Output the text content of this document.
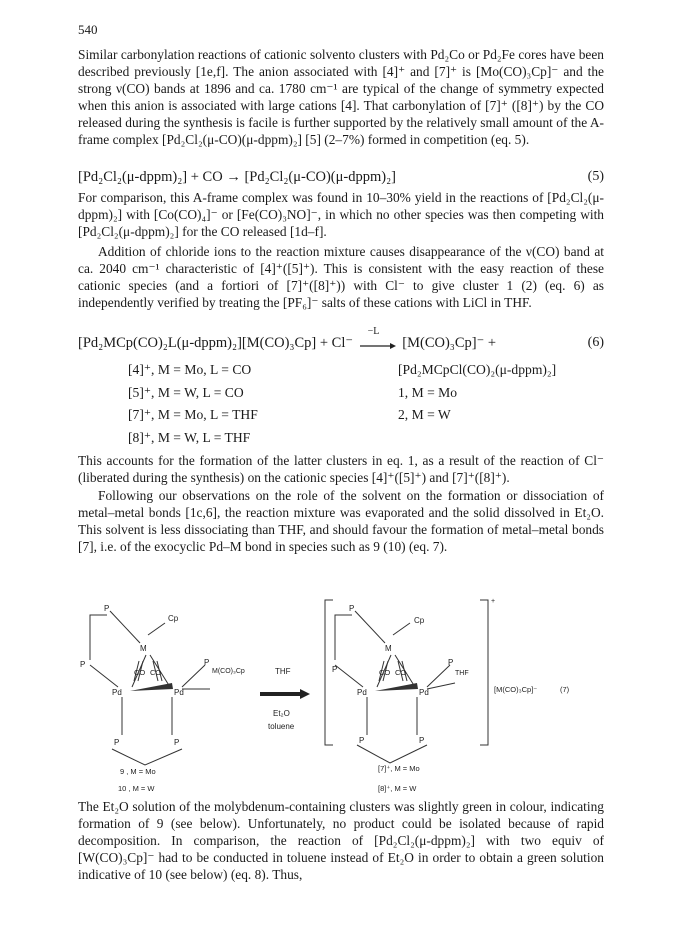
540

Similar carbonylation reactions of cationic solvento clusters with Pd₂Co or Pd₂Fe cores have been described previously [1e,f]. The anion associated with [4]⁺ and [7]⁺ is [Mo(CO)₃Cp]⁻ and the strong ν(CO) bands at 1896 and ca. 1780 cm⁻¹ are typical of the change of symmetry expected when this anion is associated with large cations [4]. That carbonylation of [7]⁺ ([8]⁺) by the CO released during the synthesis is facile is further supported by the relatively small amount of the A-frame complex [Pd₂Cl₂(μ-CO)(μ-dppm)₂] [5] (2–7%) formed in competition (eq. 5).

[Pd₂Cl₂(μ-dppm)₂] + CO → [Pd₂Cl₂(μ-CO)(μ-dppm)₂]	(5)

For comparison, this A-frame complex was found in 10–30% yield in the reactions of [Pd₂Cl₂(μ-dppm)₂] with [Co(CO)₄]⁻ or [Fe(CO)₃NO]⁻, in which no other species was then competing with [Pd₂Cl₂(μ-dppm)₂] for the CO released [1d–f].

Addition of chloride ions to the reaction mixture causes disappearance of the ν(CO) band at ca. 2040 cm⁻¹ characteristic of [4]⁺([5]⁺). This is consistent with the easy reaction of these cationic species (and a fortiori of [7]⁺([8]⁺)) with Cl⁻ to give cluster 1 (2) (eq. 6) as independently verified by treating the [PF₆]⁻ salts of these cations with LiCl in THF.

[Pd₂MCp(CO)₂L(μ-dppm)₂][M(CO)₃Cp] + Cl⁻
−L
[M(CO)₃Cp]⁻ +	(6)
[4]⁺, M = Mo, L = CO	[Pd₂MCpCl(CO)₂(μ-dppm)₂]
[5]⁺, M = W, L = CO	1, M = Mo
[7]⁺, M = Mo, L = THF	2, M = W
[8]⁺, M = W, L = THF

This accounts for the formation of the latter clusters in eq. 1, as a result of the reaction of Cl⁻ (liberated during the synthesis) on the cationic species [4]⁺([5]⁺) and [7]⁺([8]⁺).

Following our observations on the role of the solvent on the formation or dissociation of metal–metal bonds [1c,6], the reaction mixture was evaporated and the solid dissolved in Et₂O. This solvent is less dissociating than THF, and should favour the formation of metal–metal bonds [7], i.e. of the exocyclic Pd–M bond in species such as 9 (10) (eq. 7).

P
Cp
M
CO CO
P	P
Pd	Pd
M(CO)₃Cp
P	P
THF
Et₂O
toluene
+
P
Cp
M
CO CO
P
P
Pd	Pd
THF
P	P
[M(CO)₃Cp]⁻	(7)
9 , M = Mo
10 , M = W
[7]⁺, M = Mo
[8]⁺, M = W

The Et₂O solution of the molybdenum-containing clusters was slightly green in colour, indicating formation of 9 (see below). Unfortunately, no product could be isolated because of rapid decomposition. In comparison, the reaction of [Pd₂Cl₂(μ-dppm)₂] with two equiv of [W(CO)₃Cp]⁻ had to be conducted in toluene instead of Et₂O in order to obtain a green solution indicative of 10 (see below) (eq. 8). Thus,
